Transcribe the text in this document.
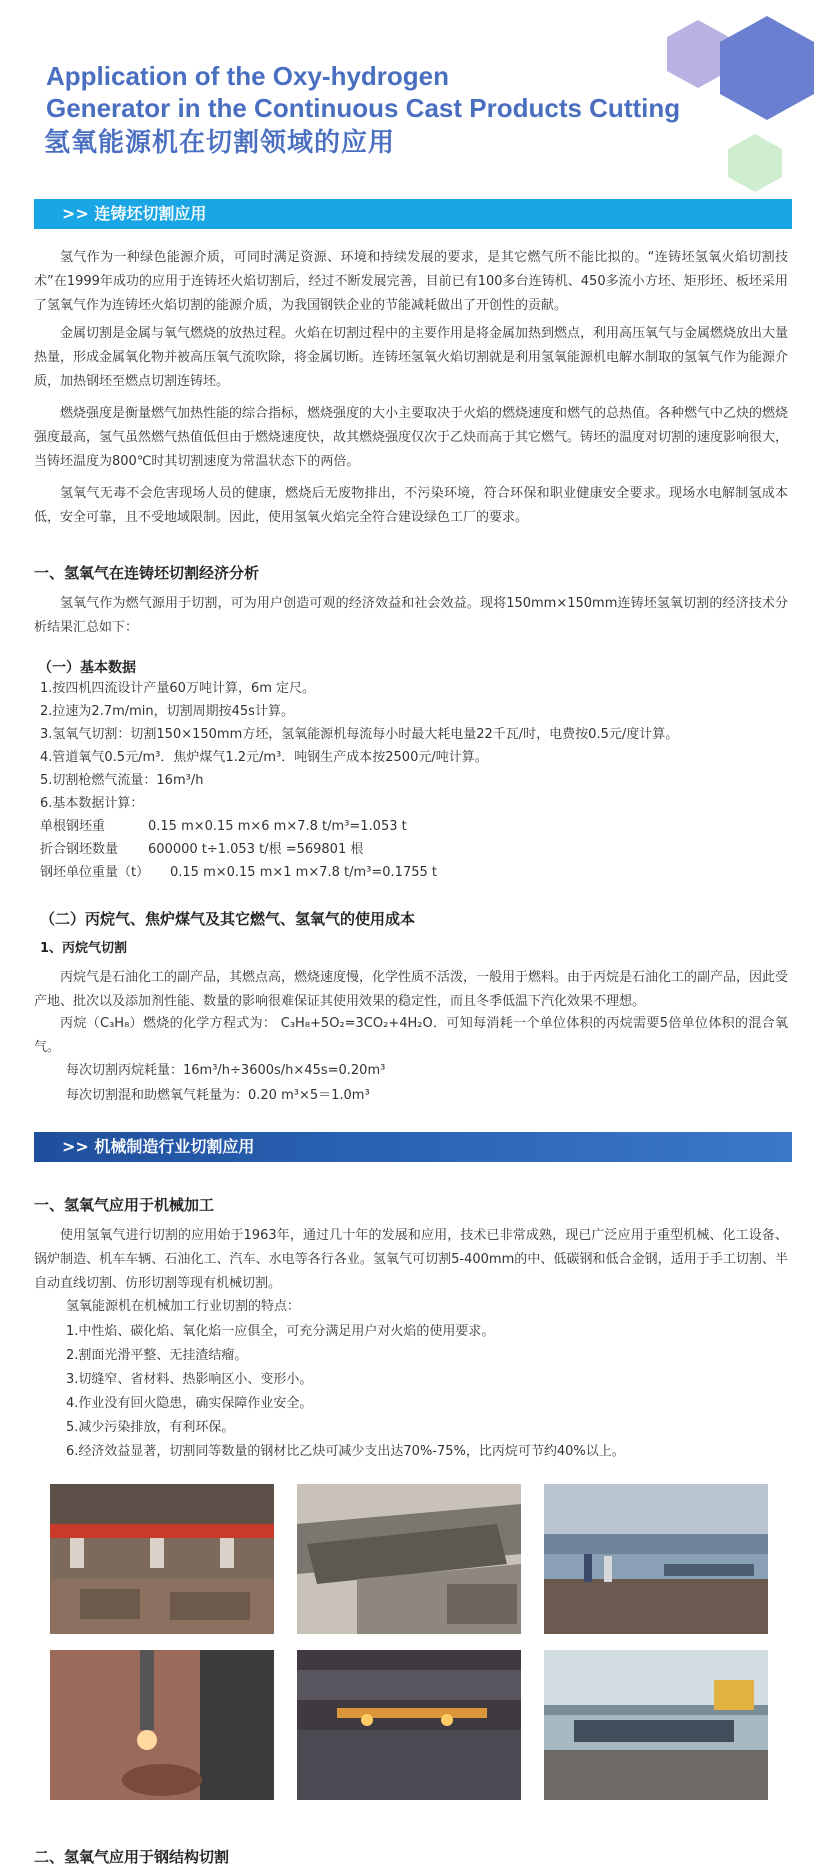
Application of the Oxy-hydrogen
Generator in the Continuous Cast Products Cutting
氢氧能源机在切割领域的应用
>> 连铸坯切割应用

氢气作为一种绿色能源介质，可同时满足资源、环境和持续发展的要求，是其它燃气所不能比拟的。“连铸坯氢氧火焰切割技术”在1999年成功的应用于连铸坯火焰切割后，经过不断发展完善，目前已有100多台连铸机、450多流小方坯、矩形坯、板坯采用了氢氧气作为连铸坯火焰切割的能源介质，为我国钢铁企业的节能减耗做出了开创性的贡献。

金属切割是金属与氧气燃烧的放热过程。火焰在切割过程中的主要作用是将金属加热到燃点，利用高压氧气与金属燃烧放出大量热量，形成金属氧化物并被高压氧气流吹除，将金属切断。连铸坯氢氧火焰切割就是利用氢氧能源机电解水制取的氢氧气作为能源介质，加热钢坯至燃点切割连铸坯。

燃烧强度是衡量燃气加热性能的综合指标，燃烧强度的大小主要取决于火焰的燃烧速度和燃气的总热值。各种燃气中乙炔的燃烧强度最高，氢气虽然燃气热值低但由于燃烧速度快，故其燃烧强度仅次于乙炔而高于其它燃气。铸坯的温度对切割的速度影响很大，当铸坯温度为800℃时其切割速度为常温状态下的两倍。

氢氧气无毒不会危害现场人员的健康，燃烧后无废物排出，不污染环境，符合环保和职业健康安全要求。现场水电解制氢成本低，安全可靠，且不受地域限制。因此，使用氢氧火焰完全符合建设绿色工厂的要求。

一、氢氧气在连铸坯切割经济分析

氢氧气作为燃气源用于切割，可为用户创造可观的经济效益和社会效益。现将150mm×150mm连铸坯氢氧切割的经济技术分析结果汇总如下：

（一）基本数据
1.按四机四流设计产量60万吨计算，6m 定尺。
2.拉速为2.7m/min，切割周期按45s计算。
3.氢氧气切割：切割150×150mm方坯，氢氧能源机每流每小时最大耗电量22千瓦/时，电费按0.5元/度计算。
4.管道氧气0.5元/m³．焦炉煤气1.2元/m³．吨钢生产成本按2500元/吨计算。
5.切割枪燃气流量：16m³/h
6.基本数据计算：
单根钢坯重	0.15 m×0.15 m×6 m×7.8 t/m³=1.053 t
折合钢坯数量 600000 t÷1.053 t/根 =569801 根
钢坯单位重量（t） 0.15 m×0.15 m×1 m×7.8 t/m³=0.1755 t
（二）丙烷气、焦炉煤气及其它燃气、氢氧气的使用成本
1、丙烷气切割

丙烷气是石油化工的副产品，其燃点高，燃烧速度慢，化学性质不活泼，一般用于燃料。由于丙烷是石油化工的副产品，因此受产地、批次以及添加剂性能、数量的影响很难保证其使用效果的稳定性，而且冬季低温下汽化效果不理想。

丙烷（C₃H₈）燃烧的化学方程式为： C₃H₈+5O₂=3CO₂+4H₂O．可知每消耗一个单位体积的丙烷需要5倍单位体积的混合氧气。

每次切割丙烷耗量：16m³/h÷3600s/h×45s=0.20m³
每次切割混和助燃氧气耗量为：0.20 m³×5＝1.0m³
>> 机械制造行业切割应用
一、氢氧气应用于机械加工

使用氢氧气进行切割的应用始于1963年，通过几十年的发展和应用，技术已非常成熟，现已广泛应用于重型机械、化工设备、锅炉制造、机车车辆、石油化工、汽车、水电等各行各业。氢氧气可切割5-400mm的中、低碳钢和低合金钢，适用于手工切割、半自动直线切割、仿形切割等现有机械切割。

氢氧能源机在机械加工行业切割的特点：
1.中性焰、碳化焰、氧化焰一应俱全，可充分满足用户对火焰的使用要求。
2.割面光滑平整、无挂渣结瘤。
3.切缝窄、省材料、热影响区小、变形小。
4.作业没有回火隐患，确实保障作业安全。
5.减少污染排放，有利环保。
6.经济效益显著，切割同等数量的钢材比乙炔可减少支出达70%-75%，比丙烷可节约40%以上。
二、氢氧气应用于钢结构切割
